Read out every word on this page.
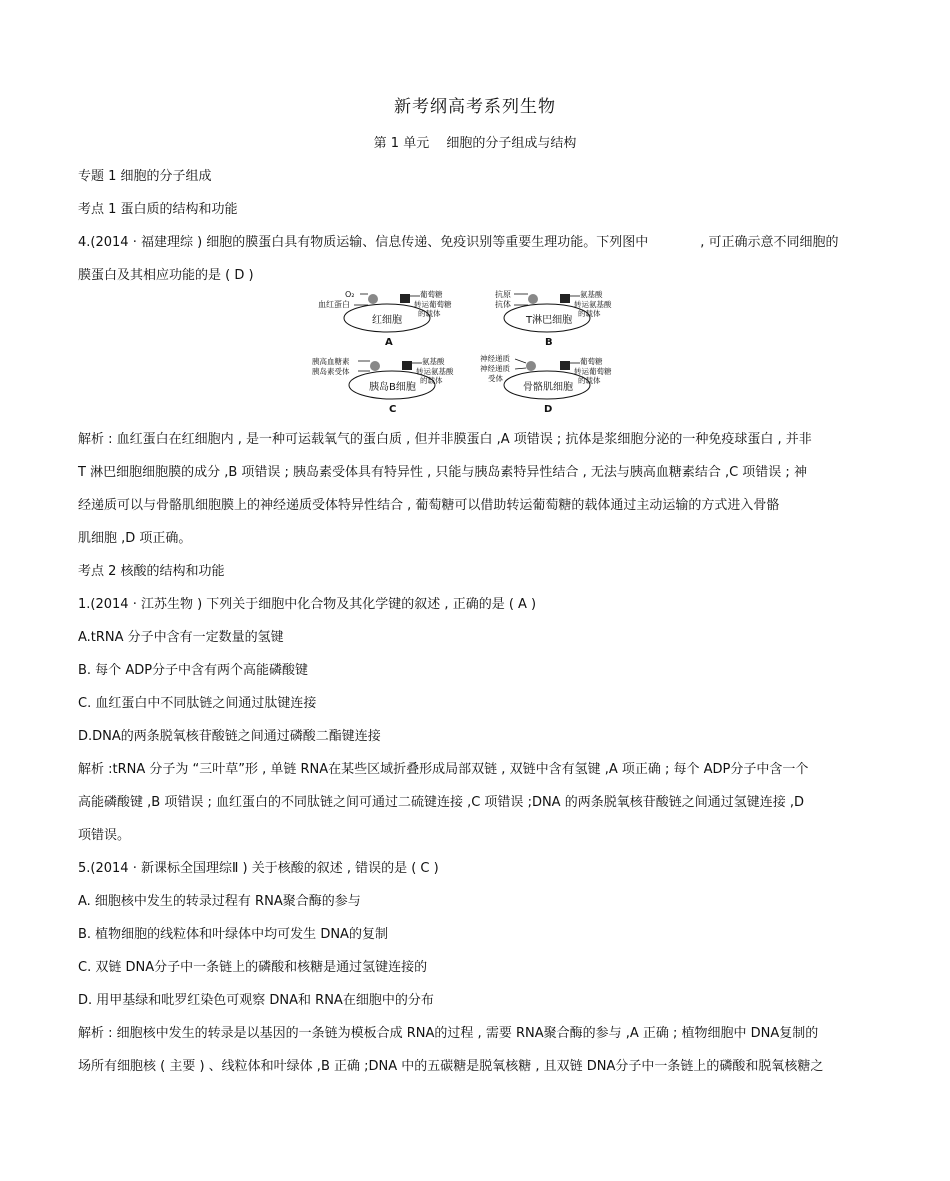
新考纲高考系列生物
第 1 单元　 细胞的分子组成与结构
专题 1 细胞的分子组成
考点 1 蛋白质的结构和功能
4.(2014 · 福建理综 ) 细胞的膜蛋白具有物质运输、信息传递、免疫识别等重要生理功能。下列图中　　　　, 可正确示意不同细胞的
膜蛋白及其相应功能的是 ( D )
O₂
血红蛋白
葡萄糖
转运葡萄糖
的载体
红细胞
A
抗原
抗体
氨基酸
转运氨基酸
的载体
T淋巴细胞
B
胰高血糖素
胰岛素受体
氨基酸
转运氨基酸
的载体
胰岛B细胞
C
神经递质
神经递质
受体
葡萄糖
转运葡萄糖
的载体
骨骼肌细胞
D
解析 : 血红蛋白在红细胞内 , 是一种可运载氧气的蛋白质 , 但并非膜蛋白 ,A 项错误 ; 抗体是浆细胞分泌的一种免疫球蛋白 , 并非
T 淋巴细胞细胞膜的成分 ,B 项错误 ; 胰岛素受体具有特异性 , 只能与胰岛素特异性结合 , 无法与胰高血糖素结合 ,C 项错误 ; 神
经递质可以与骨骼肌细胞膜上的神经递质受体特异性结合 , 葡萄糖可以借助转运葡萄糖的载体通过主动运输的方式进入骨骼
肌细胞 ,D 项正确。
考点 2 核酸的结构和功能
1.(2014 · 江苏生物 ) 下列关于细胞中化合物及其化学键的叙述 , 正确的是 ( A )
A.tRNA 分子中含有一定数量的氢键
B. 每个 ADP分子中含有两个高能磷酸键
C. 血红蛋白中不同肽链之间通过肽键连接
D.DNA的两条脱氧核苷酸链之间通过磷酸二酯键连接
解析 :tRNA 分子为 “三叶草”形 , 单链 RNA在某些区域折叠形成局部双链 , 双链中含有氢键 ,A 项正确 ; 每个 ADP分子中含一个
高能磷酸键 ,B 项错误 ; 血红蛋白的不同肽链之间可通过二硫键连接 ,C 项错误 ;DNA 的两条脱氧核苷酸链之间通过氢键连接 ,D
项错误。
5.(2014 · 新课标全国理综Ⅱ ) 关于核酸的叙述 , 错误的是 ( C )
A. 细胞核中发生的转录过程有 RNA聚合酶的参与
B. 植物细胞的线粒体和叶绿体中均可发生 DNA的复制
C. 双链 DNA分子中一条链上的磷酸和核糖是通过氢键连接的
D. 用甲基绿和吡罗红染色可观察 DNA和 RNA在细胞中的分布
解析 : 细胞核中发生的转录是以基因的一条链为模板合成 RNA的过程 , 需要 RNA聚合酶的参与 ,A 正确 ; 植物细胞中 DNA复制的
场所有细胞核 ( 主要 ) 、线粒体和叶绿体 ,B 正确 ;DNA 中的五碳糖是脱氧核糖 , 且双链 DNA分子中一条链上的磷酸和脱氧核糖之
